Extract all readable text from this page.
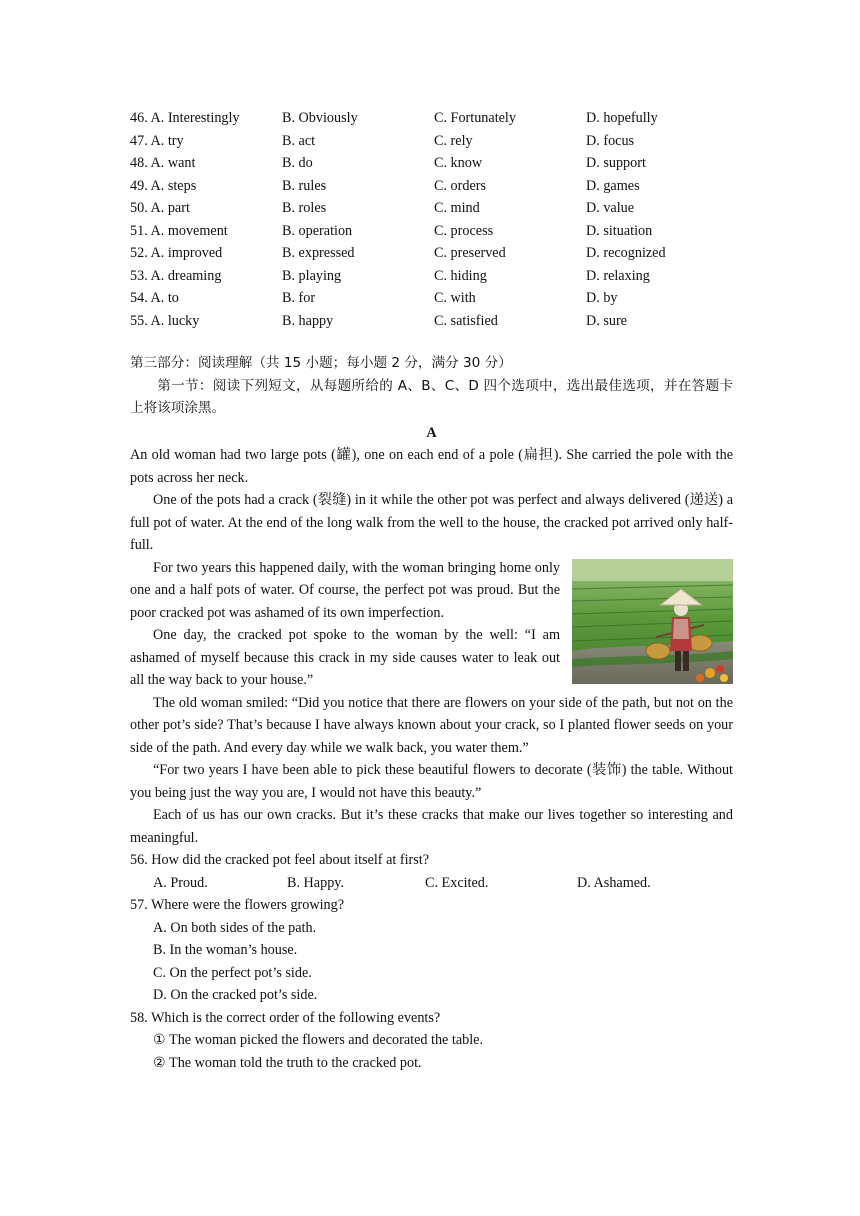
46. A. Interestingly	B. Obviously	C. Fortunately	D. hopefully
47. A. try	B. act	C. rely	D. focus
48. A. want	B. do	C. know	D. support
49. A. steps	B. rules	C. orders	D. games
50. A. part	B. roles	C. mind	D. value
51. A. movement	B. operation	C. process	D. situation
52. A. improved	B. expressed	C. preserved	D. recognized
53. A. dreaming	B. playing	C. hiding	D. relaxing
54. A. to	B. for	C. with	D. by
55. A. lucky	B. happy	C. satisfied	D. sure
第三部分：阅读理解（共 15 小题；每小题 2 分，满分 30 分）
第一节：阅读下列短文，从每题所给的 A、B、C、D 四个选项中，选出最佳选项，并在答题卡上将该项涂黑。
A

An old woman had two large pots (罐), one on each end of a pole (扁担). She carried the pole with the pots across her neck.

One of the pots had a crack (裂缝) in it while the other pot was perfect and always delivered (递送) a full pot of water. At the end of the long walk from the well to the house, the cracked pot arrived only half-full.

For two years this happened daily, with the woman bringing home only one and a half pots of water. Of course, the perfect pot was proud. But the poor cracked pot was ashamed of its own imperfection.

One day, the cracked pot spoke to the woman by the well: “I am ashamed of myself because this crack in my side causes water to leak out all the way back to your house.”

The old woman smiled: “Did you notice that there are flowers on your side of the path, but not on the other pot’s side? That’s because I have always known about your crack, so I planted flower seeds on your side of the path. And every day while we walk back, you water them.”

“For two years I have been able to pick these beautiful flowers to decorate (装饰) the table. Without you being just the way you are, I would not have this beauty.”

Each of us has our own cracks. But it’s these cracks that make our lives together so interesting and meaningful.

56. How did the cracked pot feel about itself at first?
A. Proud.	B. Happy.	C. Excited.	D. Ashamed.
57. Where were the flowers growing?
A. On both sides of the path.
B. In the woman’s house.
C. On the perfect pot’s side.
D. On the cracked pot’s side.
58. Which is the correct order of the following events?
① The woman picked the flowers and decorated the table.
② The woman told the truth to the cracked pot.
